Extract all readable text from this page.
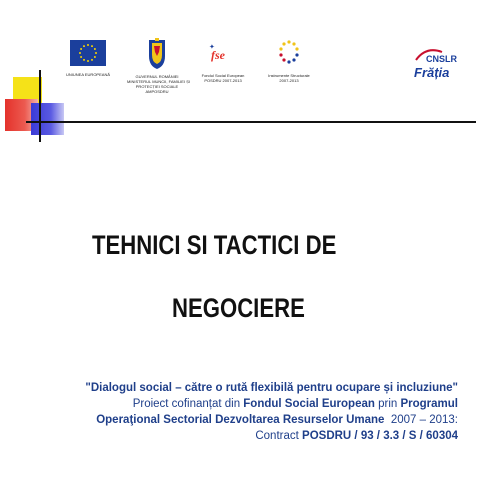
UNIUNEA EUROPEANĂ	GUVERNUL ROMÂNIEI
MINISTERUL MUNCII, FAMILIEI ȘI
PROTECȚIEI SOCIALE
AMPOSDRU
fse
✦
Fondul Social European
POSDRU 2007-2013
Instrumente Structurale
2007-2013
CNSLR
Frăția
TEHNICI SI TACTICI DE
NEGOCIERE
"Dialogul social – către o rută flexibilă pentru ocupare și incluziune"
Proiect cofinanțat din Fondul Social European prin Programul
Operaţional Sectorial Dezvoltarea Resurselor Umane  2007 – 2013:
Contract POSDRU / 93 / 3.3 / S / 60304
